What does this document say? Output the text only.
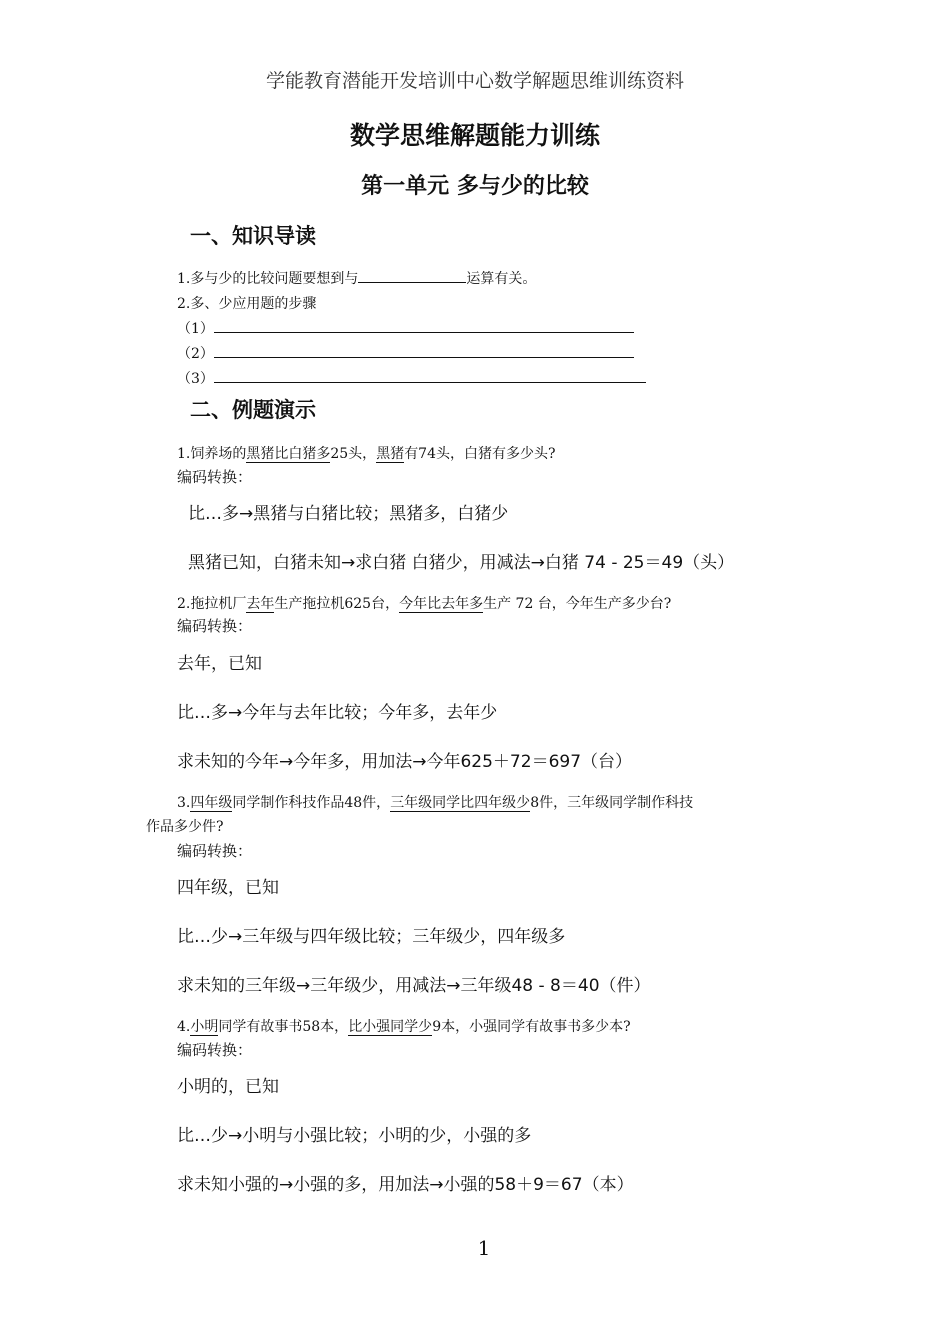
学能教育潜能开发培训中心数学解题思维训练资料
数学思维解题能力训练
第一单元 多与少的比较
一、知识导读
1.多与少的比较问题要想到与	运算有关。
2.多、少应用题的步骤
（1）
（2）
（3）
二、例题演示
1.饲养场的黑猪比白猪多25头，黑猪有74头，白猪有多少头?
编码转换：
比…多→黑猪与白猪比较；黑猪多，白猪少
黑猪已知，白猪未知→求白猪 白猪少，用减法→白猪 74 - 25＝49（头）
2.拖拉机厂去年生产拖拉机625台，今年比去年多生产 72 台，今年生产多少台?
编码转换：
去年，已知
比…多→今年与去年比较；今年多，去年少
求未知的今年→今年多，用加法→今年625＋72＝697（台）
3.四年级同学制作科技作品48件，三年级同学比四年级少8件，三年级同学制作科技
作品多少件?
编码转换：
四年级，已知
比…少→三年级与四年级比较；三年级少，四年级多
求未知的三年级→三年级少，用减法→三年级48 - 8＝40（件）
4.小明同学有故事书58本，比小强同学少9本，小强同学有故事书多少本?
编码转换：
小明的，已知
比…少→小明与小强比较；小明的少，小强的多
求未知小强的→小强的多，用加法→小强的58＋9＝67（本）
1
